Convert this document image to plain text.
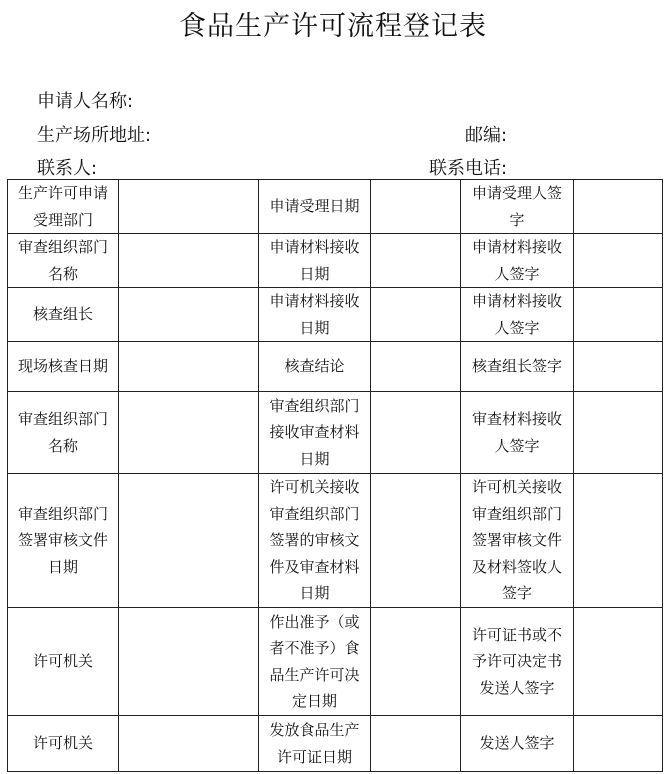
食品生产许可流程登记表
申请人名称:
生产场所地址:	邮编:
联系人:	联系电话:
生产许可申请受理部门		申请受理日期		申请受理人签字	
审查组织部门名称		申请材料接收日期		申请材料接收人签字	
核查组长		申请材料接收日期		申请材料接收人签字	
现场核查日期		核查结论		核查组长签字	
审查组织部门名称		审查组织部门接收审查材料日期		审查材料接收人签字	
审查组织部门签署审核文件日期		许可机关接收审查组织部门签署的审核文件及审查材料日期		许可机关接收审查组织部门签署审核文件及材料签收人签字	
许可机关		作出准予（或者不准予）食品生产许可决定日期		许可证书或不予许可决定书发送人签字	
许可机关		发放食品生产许可证日期		发送人签字	
